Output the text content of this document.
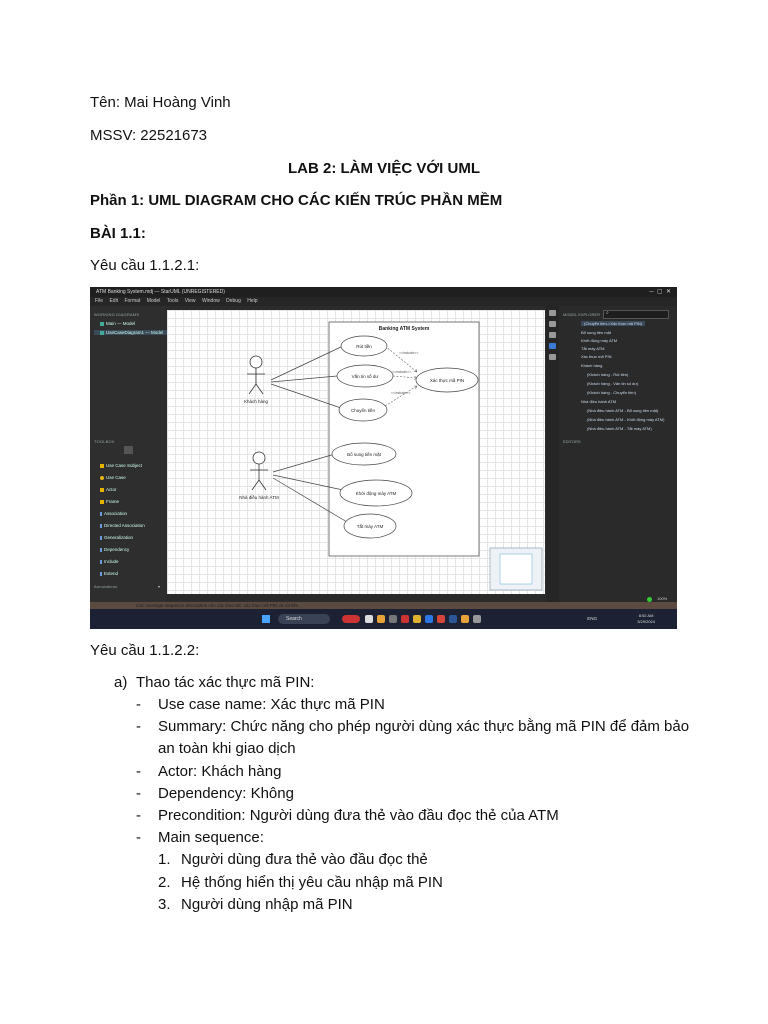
Tên: Mai Hoàng Vinh
MSSV: 22521673
LAB 2: LÀM VIỆC VỚI UML
Phần 1: UML DIAGRAM CHO CÁC KIẾN TRÚC PHẦN MỀM
BÀI 1.1:
Yêu cầu 1.1.2.1:
ATM Banking System.mdj — StarUML (UNREGISTERED)	─  ▢  ✕
File Edit Format Model Tools View Window Debug Help
WORKING DIAGRAMS
Main — Model
UseCaseDiagram1 — Model
TOOLBOX
Use Case Subject
Use Case
Actor
Frame
Association
Directed Association
Generalization
Dependency
Include
Extend
Annotations	▾
Banking ATM System
Khách hàng
Nhà điều hành ATM
<<include>>
<<include>>
<<include>>
Rút tiền
Vấn tin số dư
Chuyển tiền
Xác thực mã PIN
Bổ sung tiền mặt
Khởi động máy ATM
Tắt máy ATM
MODEL EXPLORER ⌕
(Chuyển tiền->Xác thực mã PIN)
Bổ sung tiền mặt
Khởi động máy ATM
Tắt máy ATM
Xác thực mã PIN
Khách hàng
(Khách hàng - Rút tiền)
(Khách hàng - Vấn tin số dư)
(Khách hàng - Chuyển tiền)
Nhà điều hành ATM
(Nhà điều hành ATM - Bổ sung tiền mặt)
(Nhà điều hành ATM - Khởi động máy ATM)
(Nhà điều hành ATM - Tắt máy ATM)
EDITORS
100%
Các message sequence description cho các thao tác: xác thực mã PIN và rút tiền
Search	ENG
8:52 AM
3/29/2024
Yêu cầu 1.1.2.2:
a) Thao tác xác thực mã PIN:
- Use case name: Xác thực mã PIN
- Summary: Chức năng cho phép người dùng xác thực bằng mã PIN để đảm bảo
an toàn khi giao dịch
- Actor: Khách hàng
- Dependency: Không
- Precondition: Người dùng đưa thẻ vào đầu đọc thẻ của ATM
- Main sequence:
1. Người dùng đưa thẻ vào đầu đọc thẻ
2. Hệ thống hiển thị yêu cầu nhập mã PIN
3. Người dùng nhập mã PIN
